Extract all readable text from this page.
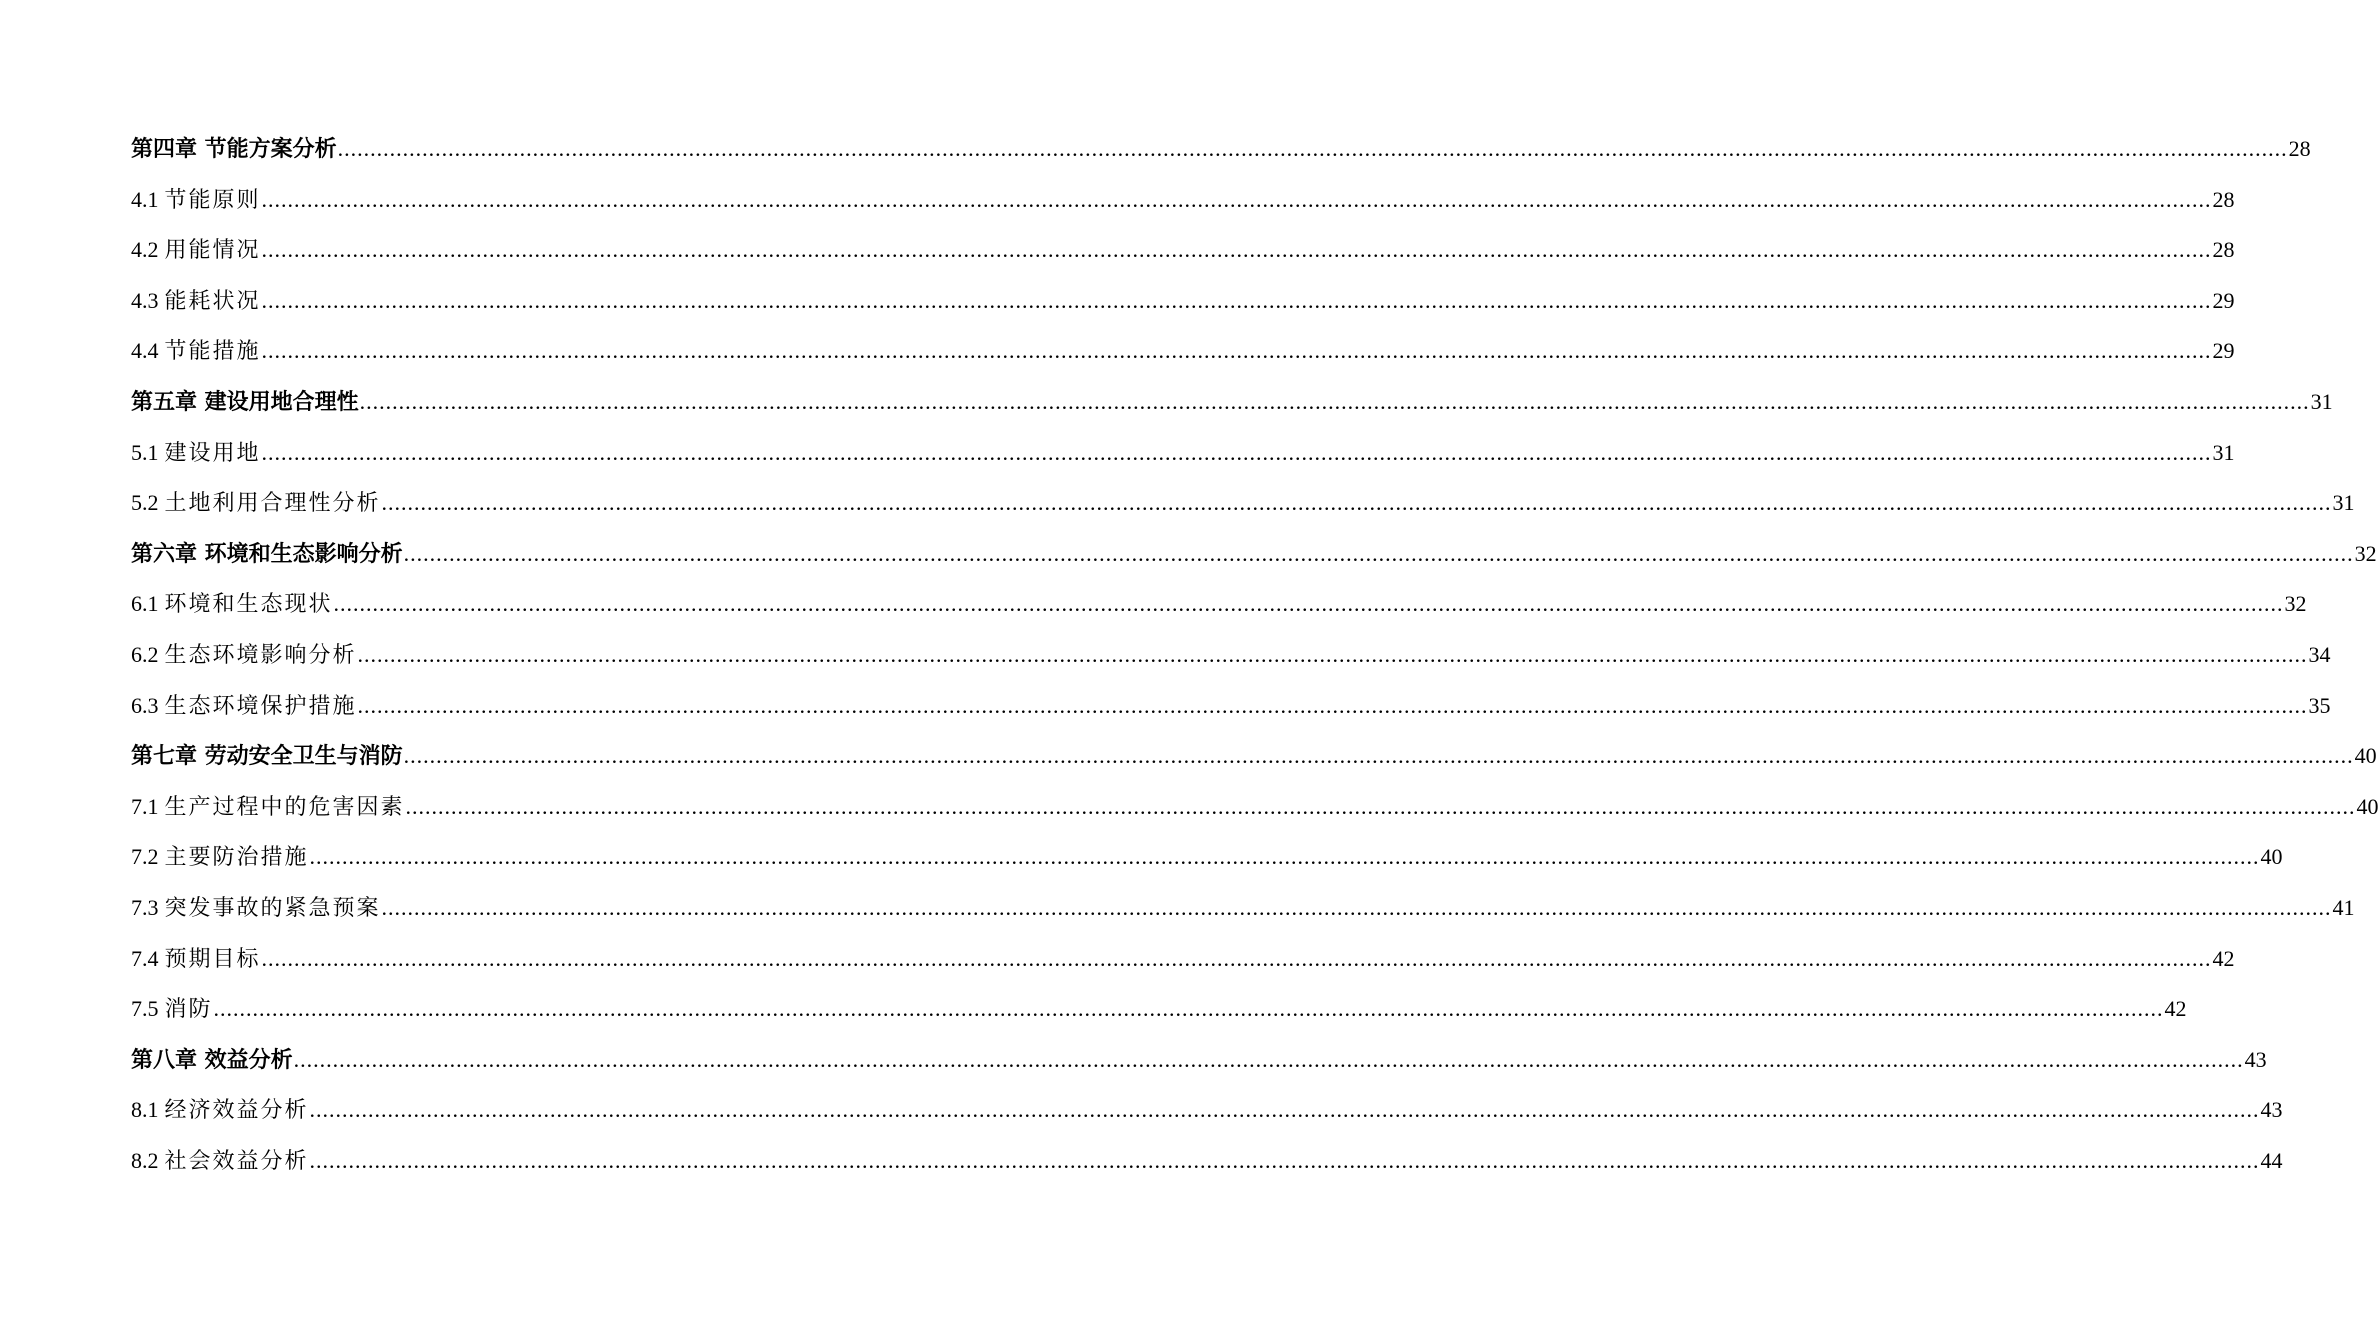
第四章 节能方案分析 ............................................................................................................................................................................................................................................................................................................ 28
4.1 节能原则 ............................................................................................................................................................................................................................................................................................................ 28
4.2 用能情况 ............................................................................................................................................................................................................................................................................................................ 28
4.3 能耗状况 ............................................................................................................................................................................................................................................................................................................ 29
4.4 节能措施 ............................................................................................................................................................................................................................................................................................................ 29
第五章 建设用地合理性 ............................................................................................................................................................................................................................................................................................................ 31
5.1 建设用地 ............................................................................................................................................................................................................................................................................................................ 31
5.2 土地利用合理性分析 ............................................................................................................................................................................................................................................................................................................ 31
第六章 环境和生态影响分析 ............................................................................................................................................................................................................................................................................................................ 32
6.1 环境和生态现状 ............................................................................................................................................................................................................................................................................................................ 32
6.2 生态环境影响分析 ............................................................................................................................................................................................................................................................................................................ 34
6.3 生态环境保护措施 ............................................................................................................................................................................................................................................................................................................ 35
第七章 劳动安全卫生与消防 ............................................................................................................................................................................................................................................................................................................ 40
7.1 生产过程中的危害因素 ............................................................................................................................................................................................................................................................................................................ 40
7.2 主要防治措施 ............................................................................................................................................................................................................................................................................................................ 40
7.3 突发事故的紧急预案 ............................................................................................................................................................................................................................................................................................................ 41
7.4 预期目标 ............................................................................................................................................................................................................................................................................................................ 42
7.5 消防 ............................................................................................................................................................................................................................................................................................................ 42
第八章 效益分析 ............................................................................................................................................................................................................................................................................................................ 43
8.1 经济效益分析 ............................................................................................................................................................................................................................................................................................................ 43
8.2 社会效益分析 ............................................................................................................................................................................................................................................................................................................ 44
